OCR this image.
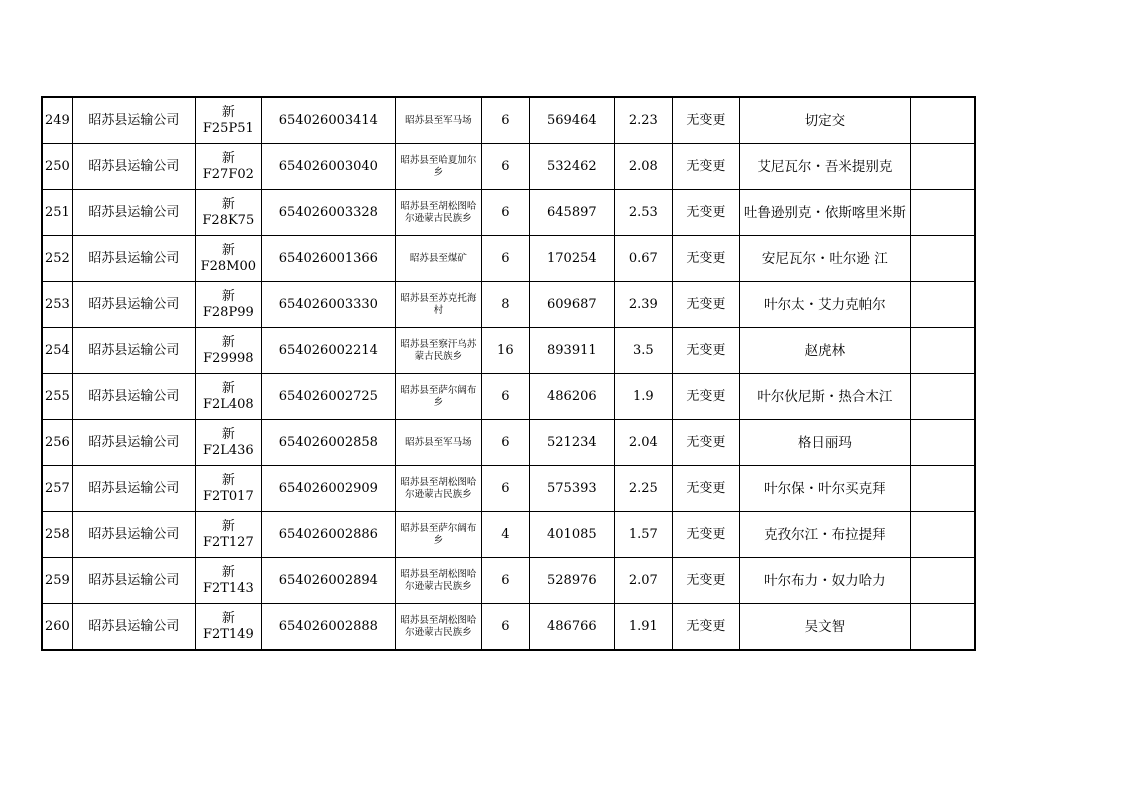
249	昭苏县运输公司	新F25P51	654026003414	昭苏县至军马场	6	569464	2.23	无变更	切定交	
250	昭苏县运输公司	新F27F02	654026003040	昭苏县至哈夏加尔乡	6	532462	2.08	无变更	艾尼瓦尔・吾米提别克	
251	昭苏县运输公司	新F28K75	654026003328	昭苏县至胡松图哈尔逊蒙古民族乡	6	645897	2.53	无变更	吐鲁逊别克・依斯喀里米斯	
252	昭苏县运输公司	新F28M00	654026001366	昭苏县至煤矿	6	170254	0.67	无变更	安尼瓦尔・吐尔逊 江	
253	昭苏县运输公司	新F28P99	654026003330	昭苏县至苏克托海村	8	609687	2.39	无变更	叶尔太・艾力克帕尔	
254	昭苏县运输公司	新F29998	654026002214	昭苏县至察汗乌苏蒙古民族乡	16	893911	3.5	无变更	赵虎林	
255	昭苏县运输公司	新F2L408	654026002725	昭苏县至萨尔阔布乡	6	486206	1.9	无变更	叶尔伙尼斯・热合木江	
256	昭苏县运输公司	新F2L436	654026002858	昭苏县至军马场	6	521234	2.04	无变更	格日丽玛	
257	昭苏县运输公司	新F2T017	654026002909	昭苏县至胡松图哈尔逊蒙古民族乡	6	575393	2.25	无变更	叶尔保・叶尔买克拜	
258	昭苏县运输公司	新F2T127	654026002886	昭苏县至萨尔阔布乡	4	401085	1.57	无变更	克孜尔江・布拉提拜	
259	昭苏县运输公司	新F2T143	654026002894	昭苏县至胡松图哈尔逊蒙古民族乡	6	528976	2.07	无变更	叶尔布力・奴力哈力	
260	昭苏县运输公司	新F2T149	654026002888	昭苏县至胡松图哈尔逊蒙古民族乡	6	486766	1.91	无变更	吴文智	
